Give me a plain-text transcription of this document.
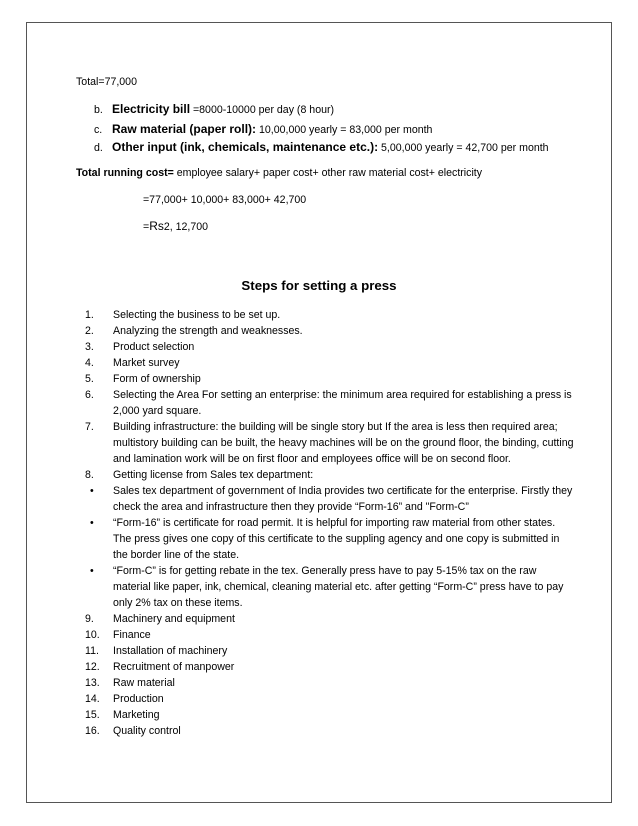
Total=77,000
b. Electricity bill =8000-10000 per day (8 hour)
c. Raw material (paper roll): 10,00,000 yearly = 83,000 per month
d. Other input (ink, chemicals, maintenance etc.): 5,00,000 yearly = 42,700 per month
Total running cost= employee salary+ paper cost+ other raw material cost+ electricity
=77,000+ 10,000+ 83,000+ 42,700
=Rs2, 12,700
Steps for setting a press
1.	Selecting the business to be set up.
2.	Analyzing the strength and weaknesses.
3.	Product selection
4.	Market survey
5.	Form of ownership
6.	Selecting the Area For setting an enterprise: the minimum area required for establishing a press is 2,000 yard square.
7.	Building infrastructure: the building will be single story but If the area is less then required area; multistory building can be built, the heavy machines will be on the ground floor, the binding, cutting and lamination work will be on first floor and employees office will be on second floor.
8.	Getting license from Sales tex department:
•	Sales tex department of government of India provides two certificate for the enterprise. Firstly they check the area and infrastructure then they provide “Form-16” and "Form-C”
•	“Form-16” is certificate for road permit. It is helpful for importing raw material from other states. The press gives one copy of this certificate to the suppling agency and one copy is submitted in the border line of the state.
•	“Form-C” is for getting rebate in the tex. Generally press have to pay 5-15% tax on the raw material like paper, ink, chemical, cleaning material etc. after getting “Form-C” press have to pay only 2% tax on these items.
9.	Machinery and equipment
10.	Finance
11.	Installation of machinery
12.	Recruitment of manpower
13.	Raw material
14.	Production
15.	Marketing
16.	Quality control
